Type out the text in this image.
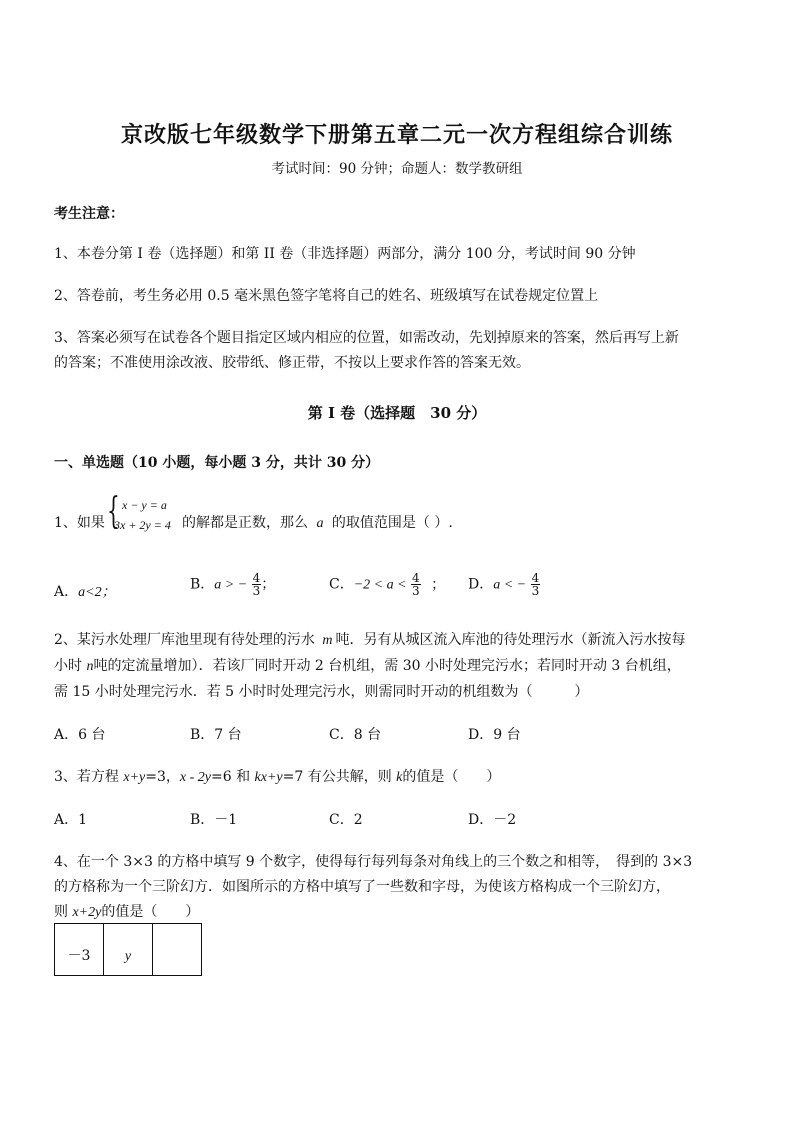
京改版七年级数学下册第五章二元一次方程组综合训练
考试时间：90 分钟；命题人：数学教研组
考生注意：
1、本卷分第 I 卷（选择题）和第 II 卷（非选择题）两部分，满分 100 分，考试时间 90 分钟
2、答卷前，考生务必用 0.5 毫米黑色签字笔将自己的姓名、班级填写在试卷规定位置上
3、答案必须写在试卷各个题目指定区域内相应的位置，如需改动，先划掉原来的答案，然后再写上新
的答案；不准使用涂改液、胶带纸、修正带，不按以上要求作答的答案无效。
第 I 卷（选择题　30 分）
一、单选题（10 小题，每小题 3 分，共计 30 分）
1、如果 { x − y = a
3x + 2y = 4 的解都是正数，那么 a 的取值范围是（ ）.
A．a<2；	B．a > − $\frac{4}{3}$ ；	C．$-2 < a < \frac{4}{3}$ ； D．a < − $\frac{4}{3}$
2、某污水处理厂库池里现有待处理的污水 m 吨．另有从城区流入库池的待处理污水（新流入污水按每
小时 n吨的定流量增加）．若该厂同时开动 2 台机组，需 30 小时处理完污水；若同时开动 3 台机组，
需 15 小时处理完污水．若 5 小时时处理完污水，则需同时开动的机组数为（　　　）
A．6 台	B．7 台	C．8 台	D．9 台
3、若方程 x+y=3，x - 2y=6 和 kx+y=7 有公共解，则 k的值是（　　）
A．1	B．－1	C．2	D．－2
4、在一个 3×3 的方格中填写 9 个数字，使得每行每列每条对角线上的三个数之和相等，　得到的 3×3
的方格称为一个三阶幻方．如图所示的方格中填写了一些数和字母，为使该方格构成一个三阶幻方，
则 x+2y的值是（　　）
－3	y	
